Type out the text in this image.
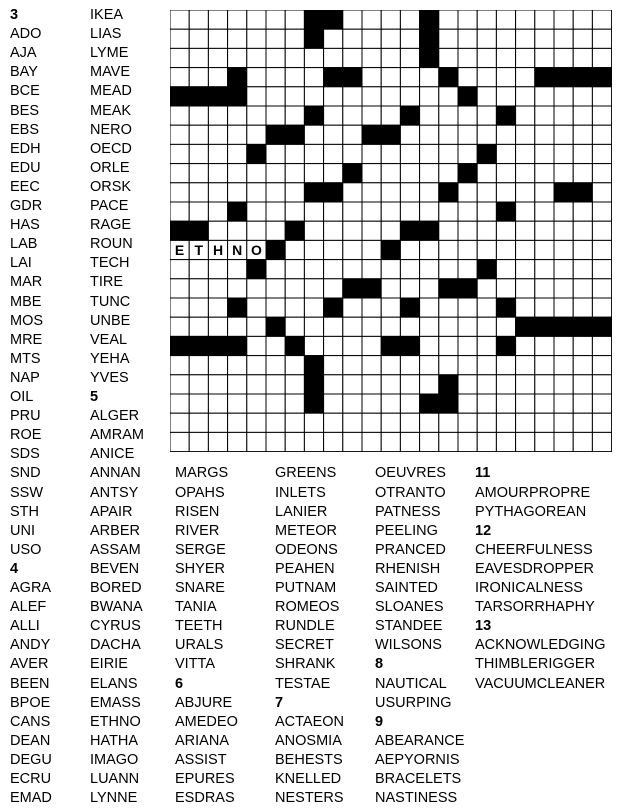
3
ADO
AJA
BAY
BCE
BES
EBS
EDH
EDU
EEC
GDR
HAS
LAB
LAI
MAR
MBE
MOS
MRE
MTS
NAP
OIL
PRU
ROE
SDS
SND
SSW
STH
UNI
USO
4
AGRA
ALEF
ALLI
ANDY
AVER
BEEN
BPOE
CANS
DEAN
DEGU
ECRU
EMAD
IKEA
LIAS
LYME
MAVE
MEAD
MEAK
NERO
OECD
ORLE
ORSK
PACE
RAGE
ROUN
TECH
TIRE
TUNC
UNBE
VEAL
YEHA
YVES
5
ALGER
AMRAM
ANICE
ANNAN
ANTSY
APAIR
ARBER
ASSAM
BEVEN
BORED
BWANA
CYRUS
DACHA
EIRIE
ELANS
EMASS
ETHNO
HATHA
IMAGO
LUANN
LYNNE
MARGS
OPAHS
RISEN
RIVER
SERGE
SHYER
SNARE
TANIA
TEETH
URALS
VITTA
6
ABJURE
AMEDEO
ARIANA
ASSIST
EPURES
ESDRAS
GREENS
INLETS
LANIER
METEOR
ODEONS
PEAHEN
PUTNAM
ROMEOS
RUNDLE
SECRET
SHRANK
TESTAE
7
ACTAEON
ANOSMIA
BEHESTS
KNELLED
NESTERS
OEUVRES
OTRANTO
PATNESS
PEELING
PRANCED
RHENISH
SAINTED
SLOANES
STANDEE
WILSONS
8
NAUTICAL
USURPING
9
ABEARANCE
AEPYORNIS
BRACELETS
NASTINESS
11
AMOURPROPRE
PYTHAGOREAN
12
CHEERFULNESS
EAVESDROPPER
IRONICALNESS
TARSORRHAPHY
13
ACKNOWLEDGING
THIMBLERIGGER
VACUUMCLEANER
E T H N O
